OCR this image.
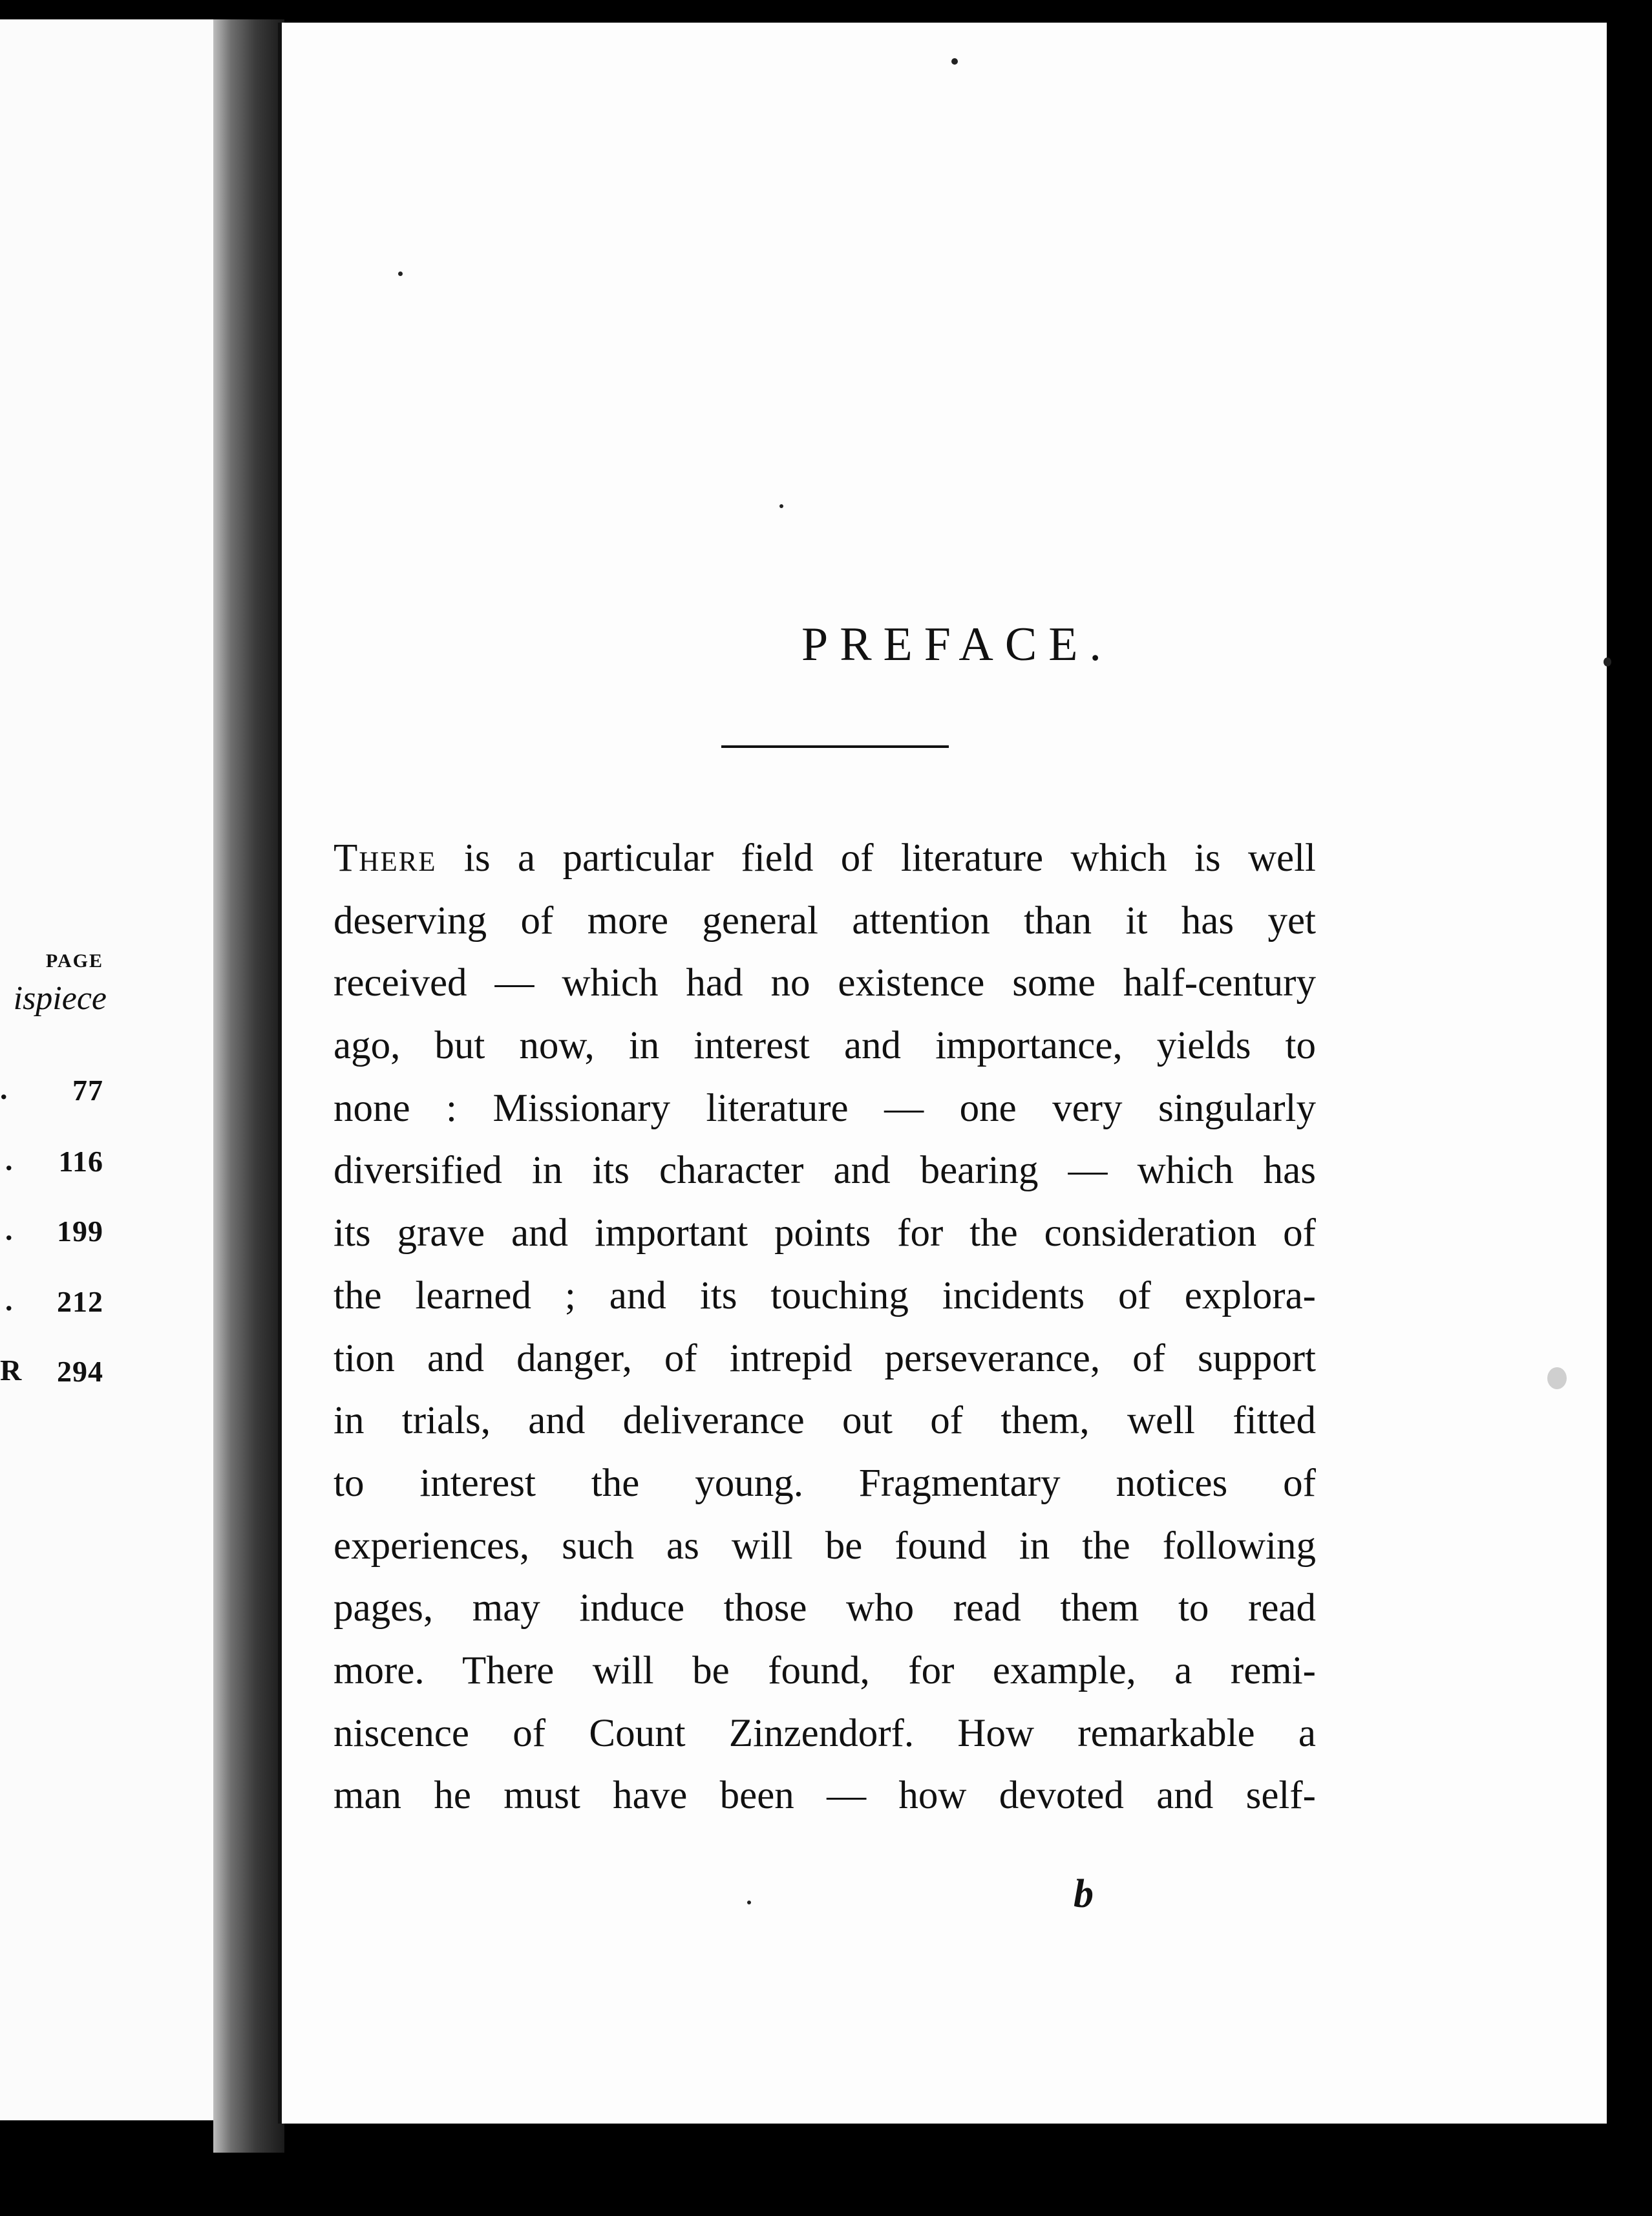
PAGE
ispiece
. 77
. 116
. 199
. 212
R 294
PREFACE.
There is a particular field of literature which is well
deserving of more general attention than it has yet
received — which had no existence some half-century
ago, but now, in interest and importance, yields to
none : Missionary literature — one very singularly
diversified in its character and bearing — which has
its grave and important points for the consideration of
the learned ; and its touching incidents of explora-
tion and danger, of intrepid perseverance, of support
in trials, and deliverance out of them, well fitted
to interest the young. Fragmentary notices of
experiences, such as will be found in the following
pages, may induce those who read them to read
more. There will be found, for example, a remi-
niscence of Count Zinzendorf. How remarkable a
man he must have been — how devoted and self-
b
